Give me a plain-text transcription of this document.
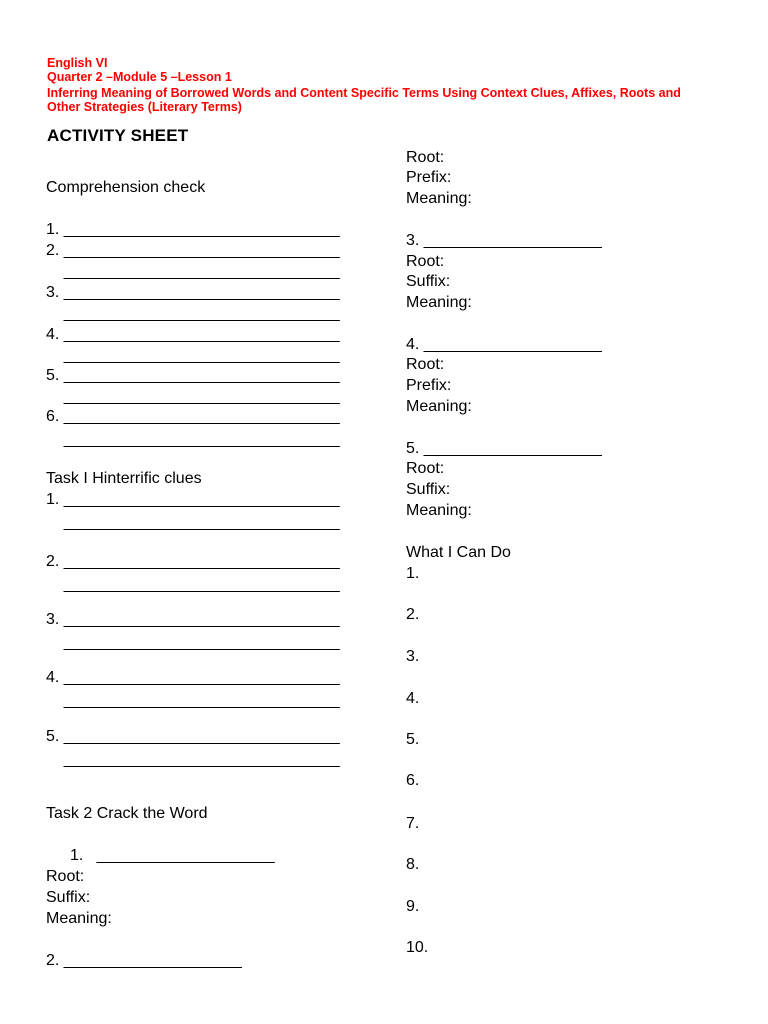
English VI

Quarter 2 –Module 5 –Lesson 1

Inferring Meaning of Borrowed Words and Content Specific Terms Using Context Clues, Affixes, Roots and

Other Strategies (Literary Terms)

ACTIVITY SHEET

Comprehension check

1. _______________________________

2. _______________________________

_______________________________

3. _______________________________

_______________________________

4. _______________________________

_______________________________

5. _______________________________

_______________________________

6. _______________________________

_______________________________

Task I Hinterrific clues

1. _______________________________

_______________________________

2. _______________________________

_______________________________

3. _______________________________

_______________________________

4. _______________________________

_______________________________

5. _______________________________

_______________________________

Task 2 Crack the Word

1.   ____________________

Root:

Suffix:

Meaning:

2. ____________________

Root:

Prefix:

Meaning:

3. ____________________

Root:

Suffix:

Meaning:

4. ____________________

Root:

Prefix:

Meaning:

5. ____________________

Root:

Suffix:

Meaning:

What I Can Do

1.

2.

3.

4.

5.

6.

7.

8.

9.

10.
